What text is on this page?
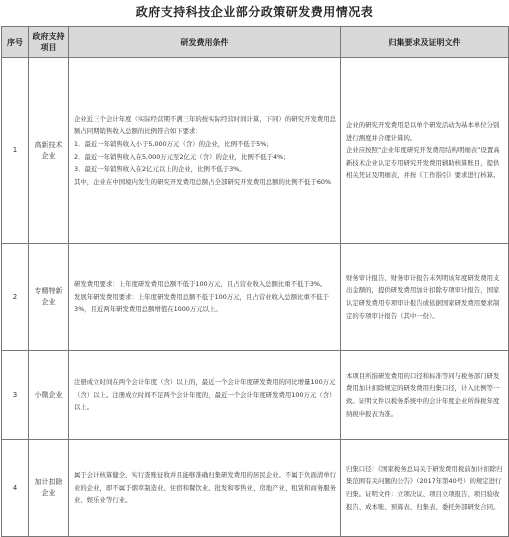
政府支持科技企业部分政策研发费用情况表
序号	政府支持项目	研发费用条件	归集要求及证明文件
1	高新技术企业	企业近三个会计年度（实际经营期不满三年的按实际经营时间计算，下同）的研究开发费用总额占同期销售收入总额的比例符合如下要求：
1．最近一年销售收入小于5,000万元（含）的企业，比例不低于5%；
2．最近一年销售收入在5,000万元至2亿元（含）的企业，比例不低于4%；
3．最近一年销售收入在2亿元以上的企业，比例不低于3%。
其中，企业在中国境内发生的研究开发费用总额占全部研究开发费用总额的比例不低于60%	企业的研究开发费用是以单个研发活动为基本单位分别进行测度并合理计算的。
企业应按照“企业年度研究开发费用结构明细表”设置高新技术企业认定专用研究开发费用辅助核算账目，提供相关凭证及明细表，并按《工作指引》要求进行核算。
2	专精特新企业	研发费用要求：上年度研发费用总额不低于100万元，且占营业收入总额比重不低于3%。
发展年研发费用要求：上年度研发费用总额不低于100万元，且占营业收入总额比重不低于3%，且近两年研发费用总额增值在1000万元以上。	财务审计报告、财务审计报告未列明该年度研发费用支出金额的，提供研发费用加计扣除专项审计报告，国家认定研发费用专项审计报告或依据国家研发费用要求制定的专项审计报告（其中一份）。
3	小微企业	注册成立时间在两个会计年度（含）以上的，最近一个会计年度研发费用的同比增量100万元（含）以上。注册成立时间不足两个会计年度的，最近一个会计年度研发费用100万元（含）以上。	本项目所指研发费用的口径和标准等同与税务部门研发费用加计扣除规定的研发费用归集口径，计入比例等一致。证明文件以税务系统中的会计年度企业所得税年度纳税申报表为准。
4	加计扣除企业	属于会计核算健全、实行查账征收并且能够准确归集研发费用的居民企业。不属于负面清单行业的企业，即不属于烟草制造业、住宿和餐饮业、批发和零售业、房地产业、租赁和商务服务业、娱乐业等行业。	归集口径：《国家税务总局关于研发费用税前加计扣除归集范围有关问题的公告》（2017年第40号）的规定进行归集。证明文件：立项决议、项目立项报告、项目验收报告、成本账、预算表、归集表、委托外部研发合同。
